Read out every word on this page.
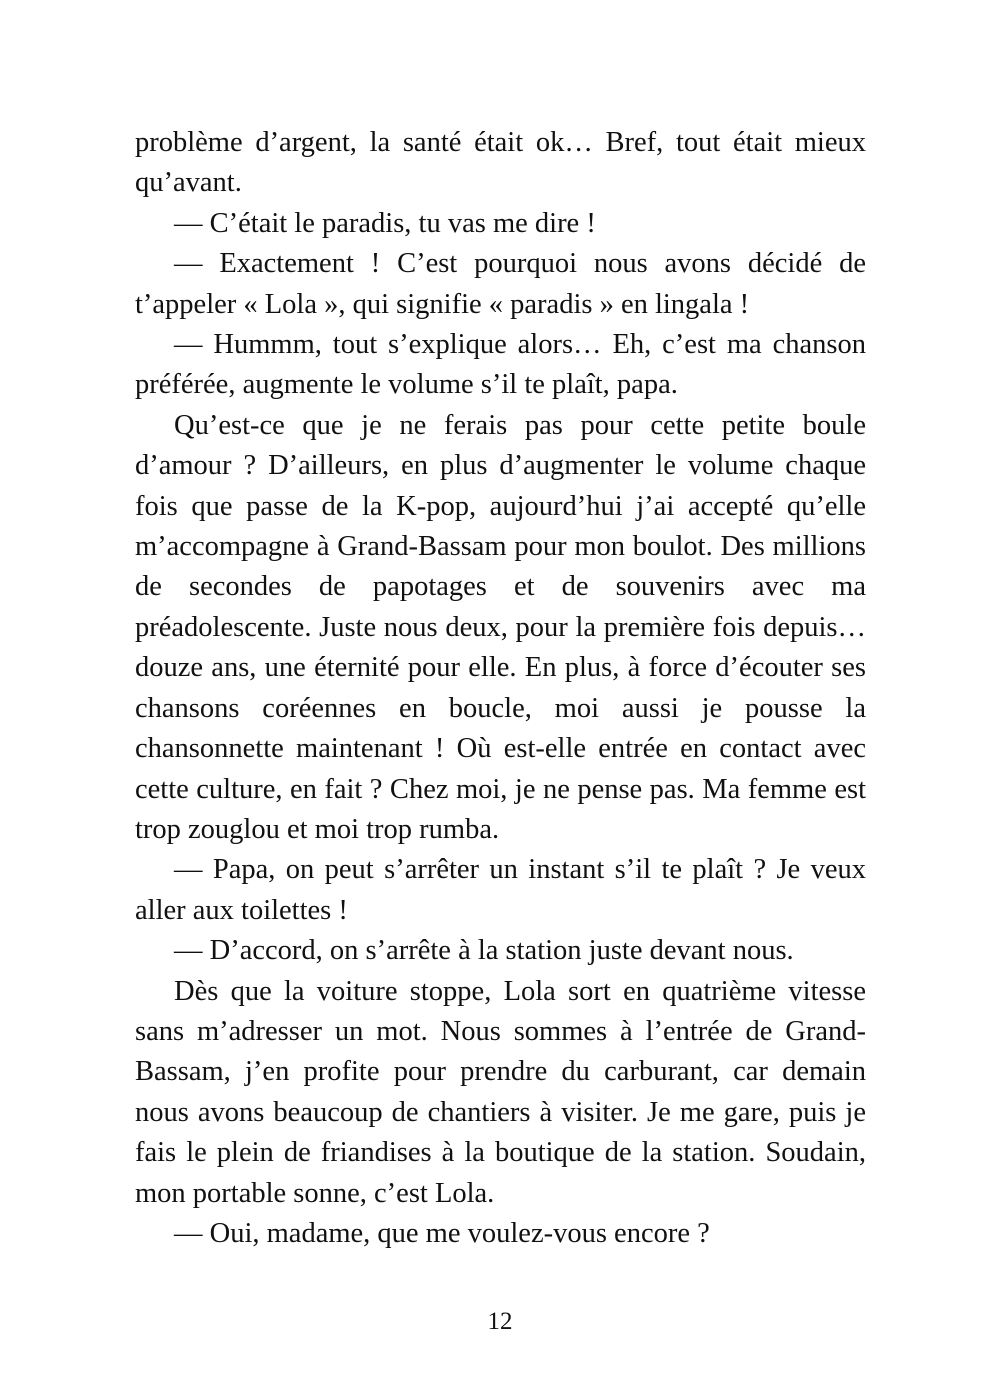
problème d’argent, la santé était ok… Bref, tout était mieux qu’avant.

— C’était le paradis, tu vas me dire !

— Exactement ! C’est pourquoi nous avons décidé de t’appeler « Lola », qui signifie « paradis » en lingala !

— Hummm, tout s’explique alors… Eh, c’est ma chanson préférée, augmente le volume s’il te plaît, papa.

Qu’est-ce que je ne ferais pas pour cette petite boule d’amour ? D’ailleurs, en plus d’augmenter le volume chaque fois que passe de la K-pop, aujourd’hui j’ai accepté qu’elle m’accompagne à Grand-Bassam pour mon boulot. Des millions de secondes de papotages et de souvenirs avec ma préadolescente. Juste nous deux, pour la première fois depuis… douze ans, une éternité pour elle. En plus, à force d’écouter ses chansons coréennes en boucle, moi aussi je pousse la chansonnette maintenant ! Où est-elle entrée en contact avec cette culture, en fait ? Chez moi, je ne pense pas. Ma femme est trop zouglou et moi trop rumba.

— Papa, on peut s’arrêter un instant s’il te plaît ? Je veux aller aux toilettes !

— D’accord, on s’arrête à la station juste devant nous.

Dès que la voiture stoppe, Lola sort en quatrième vitesse sans m’adresser un mot. Nous sommes à l’entrée de Grand-Bassam, j’en profite pour prendre du carburant, car demain nous avons beaucoup de chantiers à visiter. Je me gare, puis je fais le plein de friandises à la boutique de la station. Soudain, mon portable sonne, c’est Lola.

— Oui, madame, que me voulez-vous encore ?

12
